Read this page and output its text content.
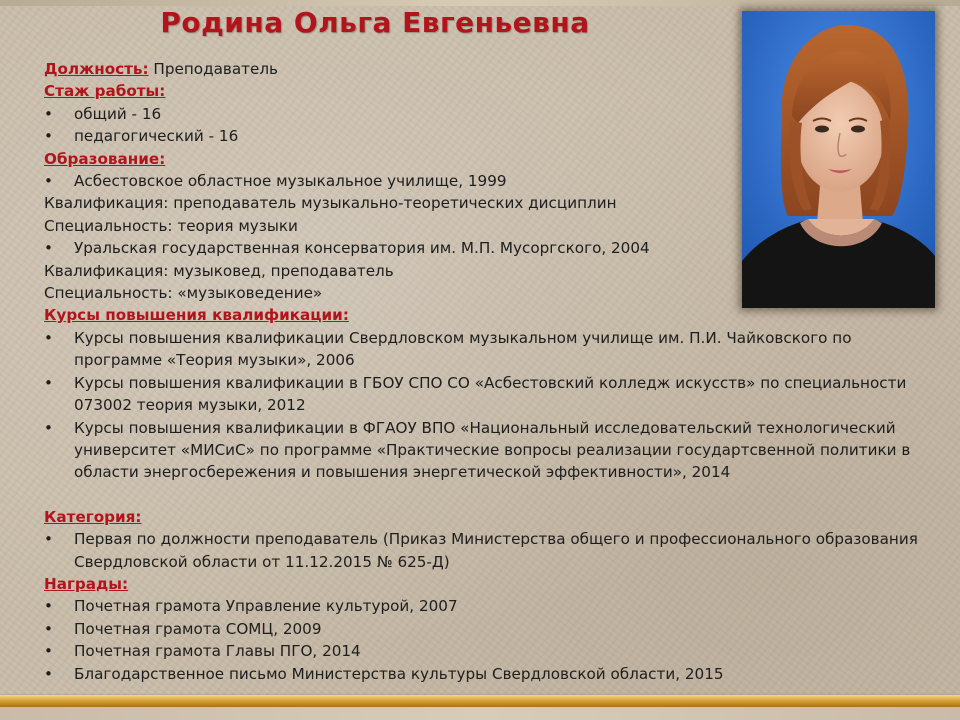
Родина Ольга Евгеньевна
Должность: Преподаватель
Стаж работы:
• общий - 16
• педагогический - 16
Образование:
• Асбестовское областное музыкальное училище, 1999
Квалификация: преподаватель музыкально-теоретических дисциплин
Специальность: теория музыки
• Уральская государственная консерватория им. М.П. Мусоргского, 2004
Квалификация: музыковед, преподаватель
Специальность: «музыковедение»
Курсы повышения квалификации:
• Курсы повышения квалификации Свердловском музыкальном училище им. П.И. Чайковского по программе «Теория музыки», 2006
• Курсы повышения квалификации в ГБОУ СПО СО «Асбестовский колледж искусств» по специальности 073002 теория музыки, 2012
• Курсы повышения квалификации в ФГАОУ ВПО «Национальный исследовательский технологический университет «МИСиС» по программе «Практические вопросы реализации государтсвенной политики в области энергосбережения и повышения энергетической эффективности», 2014
Категория:
• Первая по должности преподаватель (Приказ Министерства общего и профессионального образования Свердловской области от 11.12.2015 № 625-Д)
Награды:
• Почетная грамота Управление культурой, 2007
• Почетная грамота СОМЦ, 2009
• Почетная грамота Главы ПГО, 2014
• Благодарственное письмо Министерства культуры Свердловской области, 2015
